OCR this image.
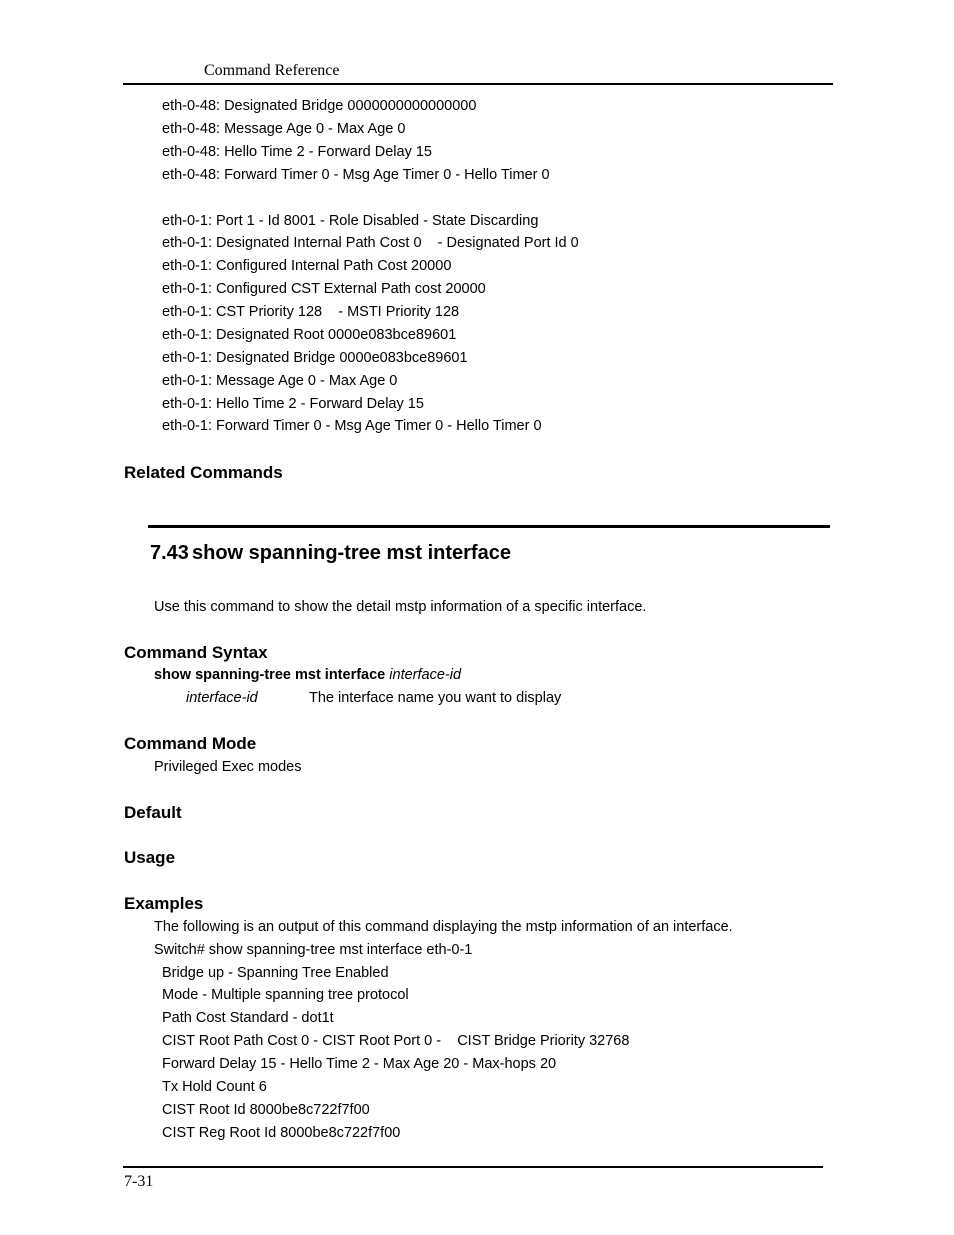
Command Reference
eth-0-48: Designated Bridge 0000000000000000
eth-0-48: Message Age 0 - Max Age 0
eth-0-48: Hello Time 2 - Forward Delay 15
eth-0-48: Forward Timer 0 - Msg Age Timer 0 - Hello Timer 0
eth-0-1: Port 1 - Id 8001 - Role Disabled - State Discarding
eth-0-1: Designated Internal Path Cost 0    - Designated Port Id 0
eth-0-1: Configured Internal Path Cost 20000
eth-0-1: Configured CST External Path cost 20000
eth-0-1: CST Priority 128    - MSTI Priority 128
eth-0-1: Designated Root 0000e083bce89601
eth-0-1: Designated Bridge 0000e083bce89601
eth-0-1: Message Age 0 - Max Age 0
eth-0-1: Hello Time 2 - Forward Delay 15
eth-0-1: Forward Timer 0 - Msg Age Timer 0 - Hello Timer 0
Related Commands
7.43 show spanning-tree mst interface
Use this command to show the detail mstp information of a specific interface.
Command Syntax
show spanning-tree mst interface interface-id
interface-id	The interface name you want to display
Command Mode
Privileged Exec modes
Default
Usage
Examples
The following is an output of this command displaying the mstp information of an interface.
Switch# show spanning-tree mst interface eth-0-1
Bridge up - Spanning Tree Enabled
Mode - Multiple spanning tree protocol
Path Cost Standard - dot1t
CIST Root Path Cost 0 - CIST Root Port 0 -    CIST Bridge Priority 32768
Forward Delay 15 - Hello Time 2 - Max Age 20 - Max-hops 20
Tx Hold Count 6
CIST Root Id 8000be8c722f7f00
CIST Reg Root Id 8000be8c722f7f00
7-31
